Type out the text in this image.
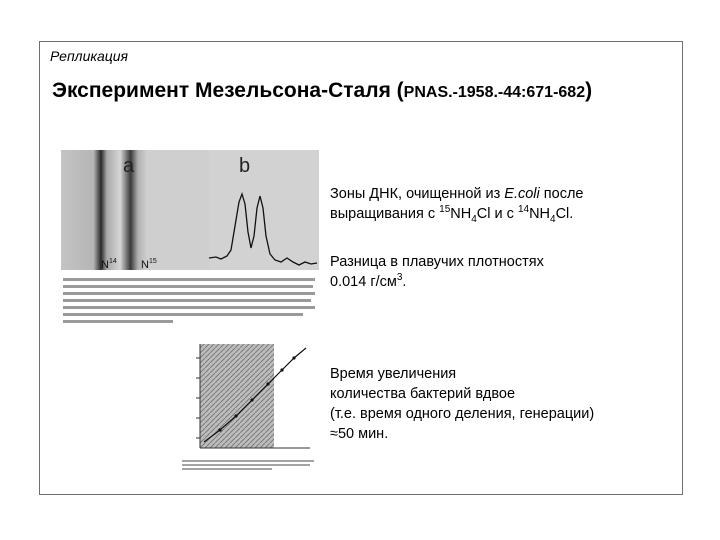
Репликация
Эксперимент Мезельсона-Сталя (PNAS.-1958.-44:671-682)
a	b
$N^{14}$ $N^{15}$
Зоны ДНК, очищенной из E.coli после
выращивания с $^{15}NH_4Cl$ и с $^{14}NH_4Cl$.
Разница в плавучих плотностях
0.014 $г/см^3$.
Время увеличения
количества бактерий вдвое
(т.е. время одного деления, генерации)
≈50 мин.
